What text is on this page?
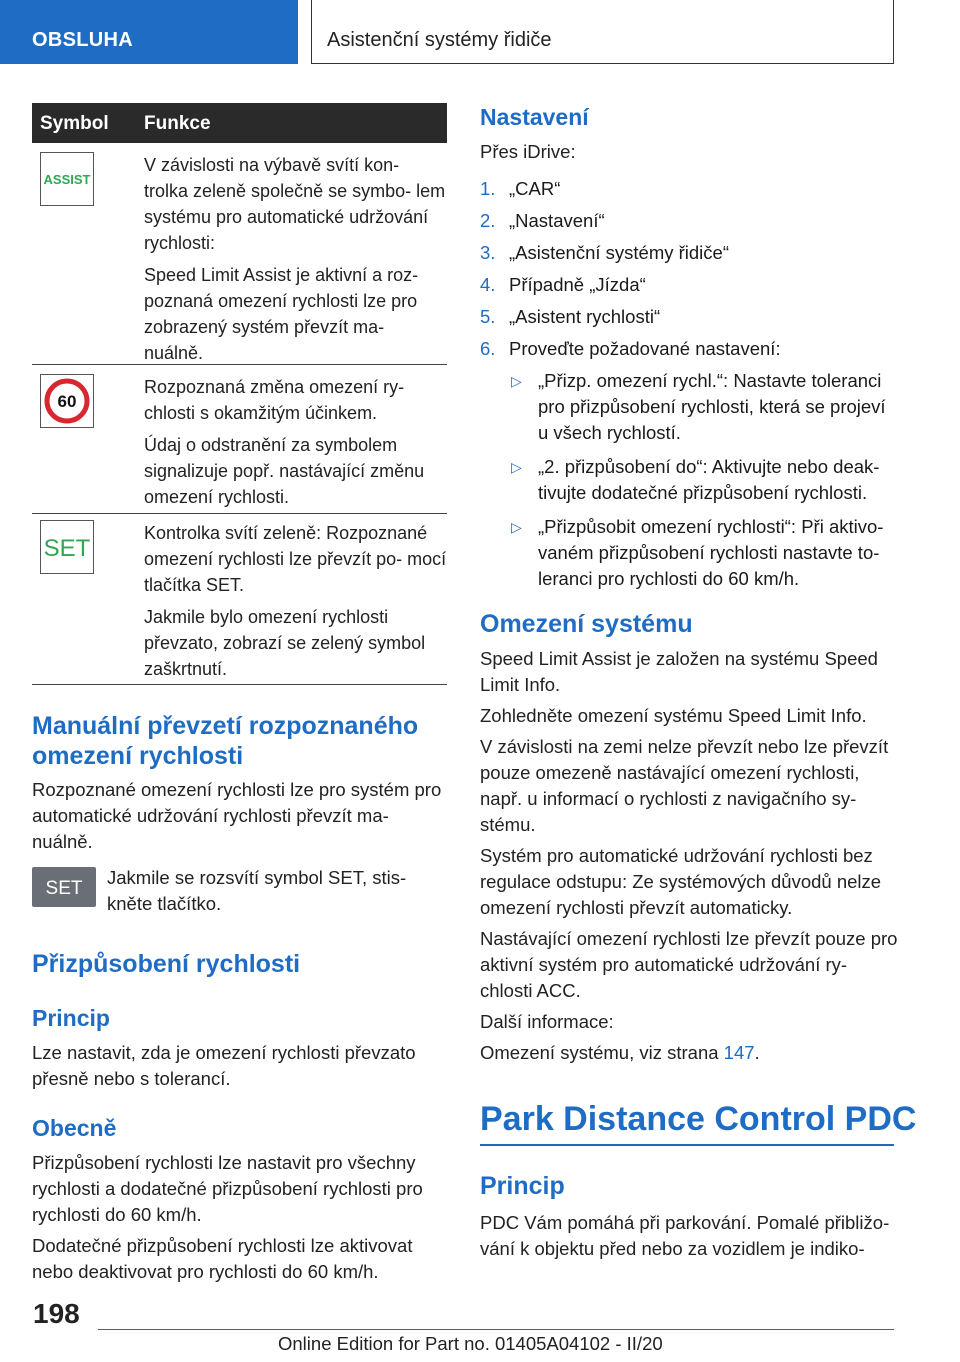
OBSLUHA	Asistenční systémy řidiče
Symbol Funkce
ASSIST

V závislosti na výbavě svítí kon- trolka zeleně společně se symbo- lem systému pro automatické udržování rychlosti:

Speed Limit Assist je aktivní a roz- poznaná omezení rychlosti lze pro zobrazený systém převzít ma- nuálně.

60

Rozpoznaná změna omezení ry- chlosti s okamžitým účinkem.

Údaj o odstranění za symbolem signalizuje popř. nastávající změnu omezení rychlosti.

SET

Kontrolka svítí zeleně: Rozpoznané omezení rychlosti lze převzít po- mocí tlačítka SET.

Jakmile bylo omezení rychlosti převzato, zobrazí se zelený symbol zaškrtnutí.

Manuální převzetí rozpoznaného omezení rychlosti
Rozpoznané omezení rychlosti lze pro systém pro automatické udržování rychlosti převzít ma- nuálně.
SET
Jakmile se rozsvítí symbol SET, stis- kněte tlačítko.
Přizpůsobení rychlosti
Princip
Lze nastavit, zda je omezení rychlosti převzato přesně nebo s tolerancí.
Obecně

Přizpůsobení rychlosti lze nastavit pro všechny rychlosti a dodatečné přizpůsobení rychlosti pro rychlosti do 60 km/h.

Dodatečné přizpůsobení rychlosti lze aktivovat nebo deaktivovat pro rychlosti do 60 km/h.

Nastavení
Přes iDrive:
1. „CAR“
2. „Nastavení“
3. „Asistenční systémy řidiče“
4. Případně „Jízda“
5. „Asistent rychlosti“
6. Proveďte požadované nastavení:
▷ „Přizp. omezení rychl.“: Nastavte toleranci pro přizpůsobení rychlosti, která se projeví u všech rychlostí.
▷ „2. přizpůsobení do“: Aktivujte nebo deak- tivujte dodatečné přizpůsobení rychlosti.
▷ „Přizpůsobit omezení rychlosti“: Při aktivo- vaném přizpůsobení rychlosti nastavte to- leranci pro rychlosti do 60 km/h.
Omezení systému

Speed Limit Assist je založen na systému Speed Limit Info.

Zohledněte omezení systému Speed Limit Info.

V závislosti na zemi nelze převzít nebo lze převzít pouze omezeně nastávající omezení rychlosti, např. u informací o rychlosti z navigačního sy- stému.

Systém pro automatické udržování rychlosti bez regulace odstupu: Ze systémových důvodů nelze omezení rychlosti převzít automaticky.

Nastávající omezení rychlosti lze převzít pouze pro aktivní systém pro automatické udržování ry- chlosti ACC.

Další informace:

Omezení systému, viz strana 147.

Park Distance Control PDC
Princip
PDC Vám pomáhá při parkování. Pomalé přibližo- vání k objektu před nebo za vozidlem je indiko-
198
Online Edition for Part no. 01405A04102 - II/20
